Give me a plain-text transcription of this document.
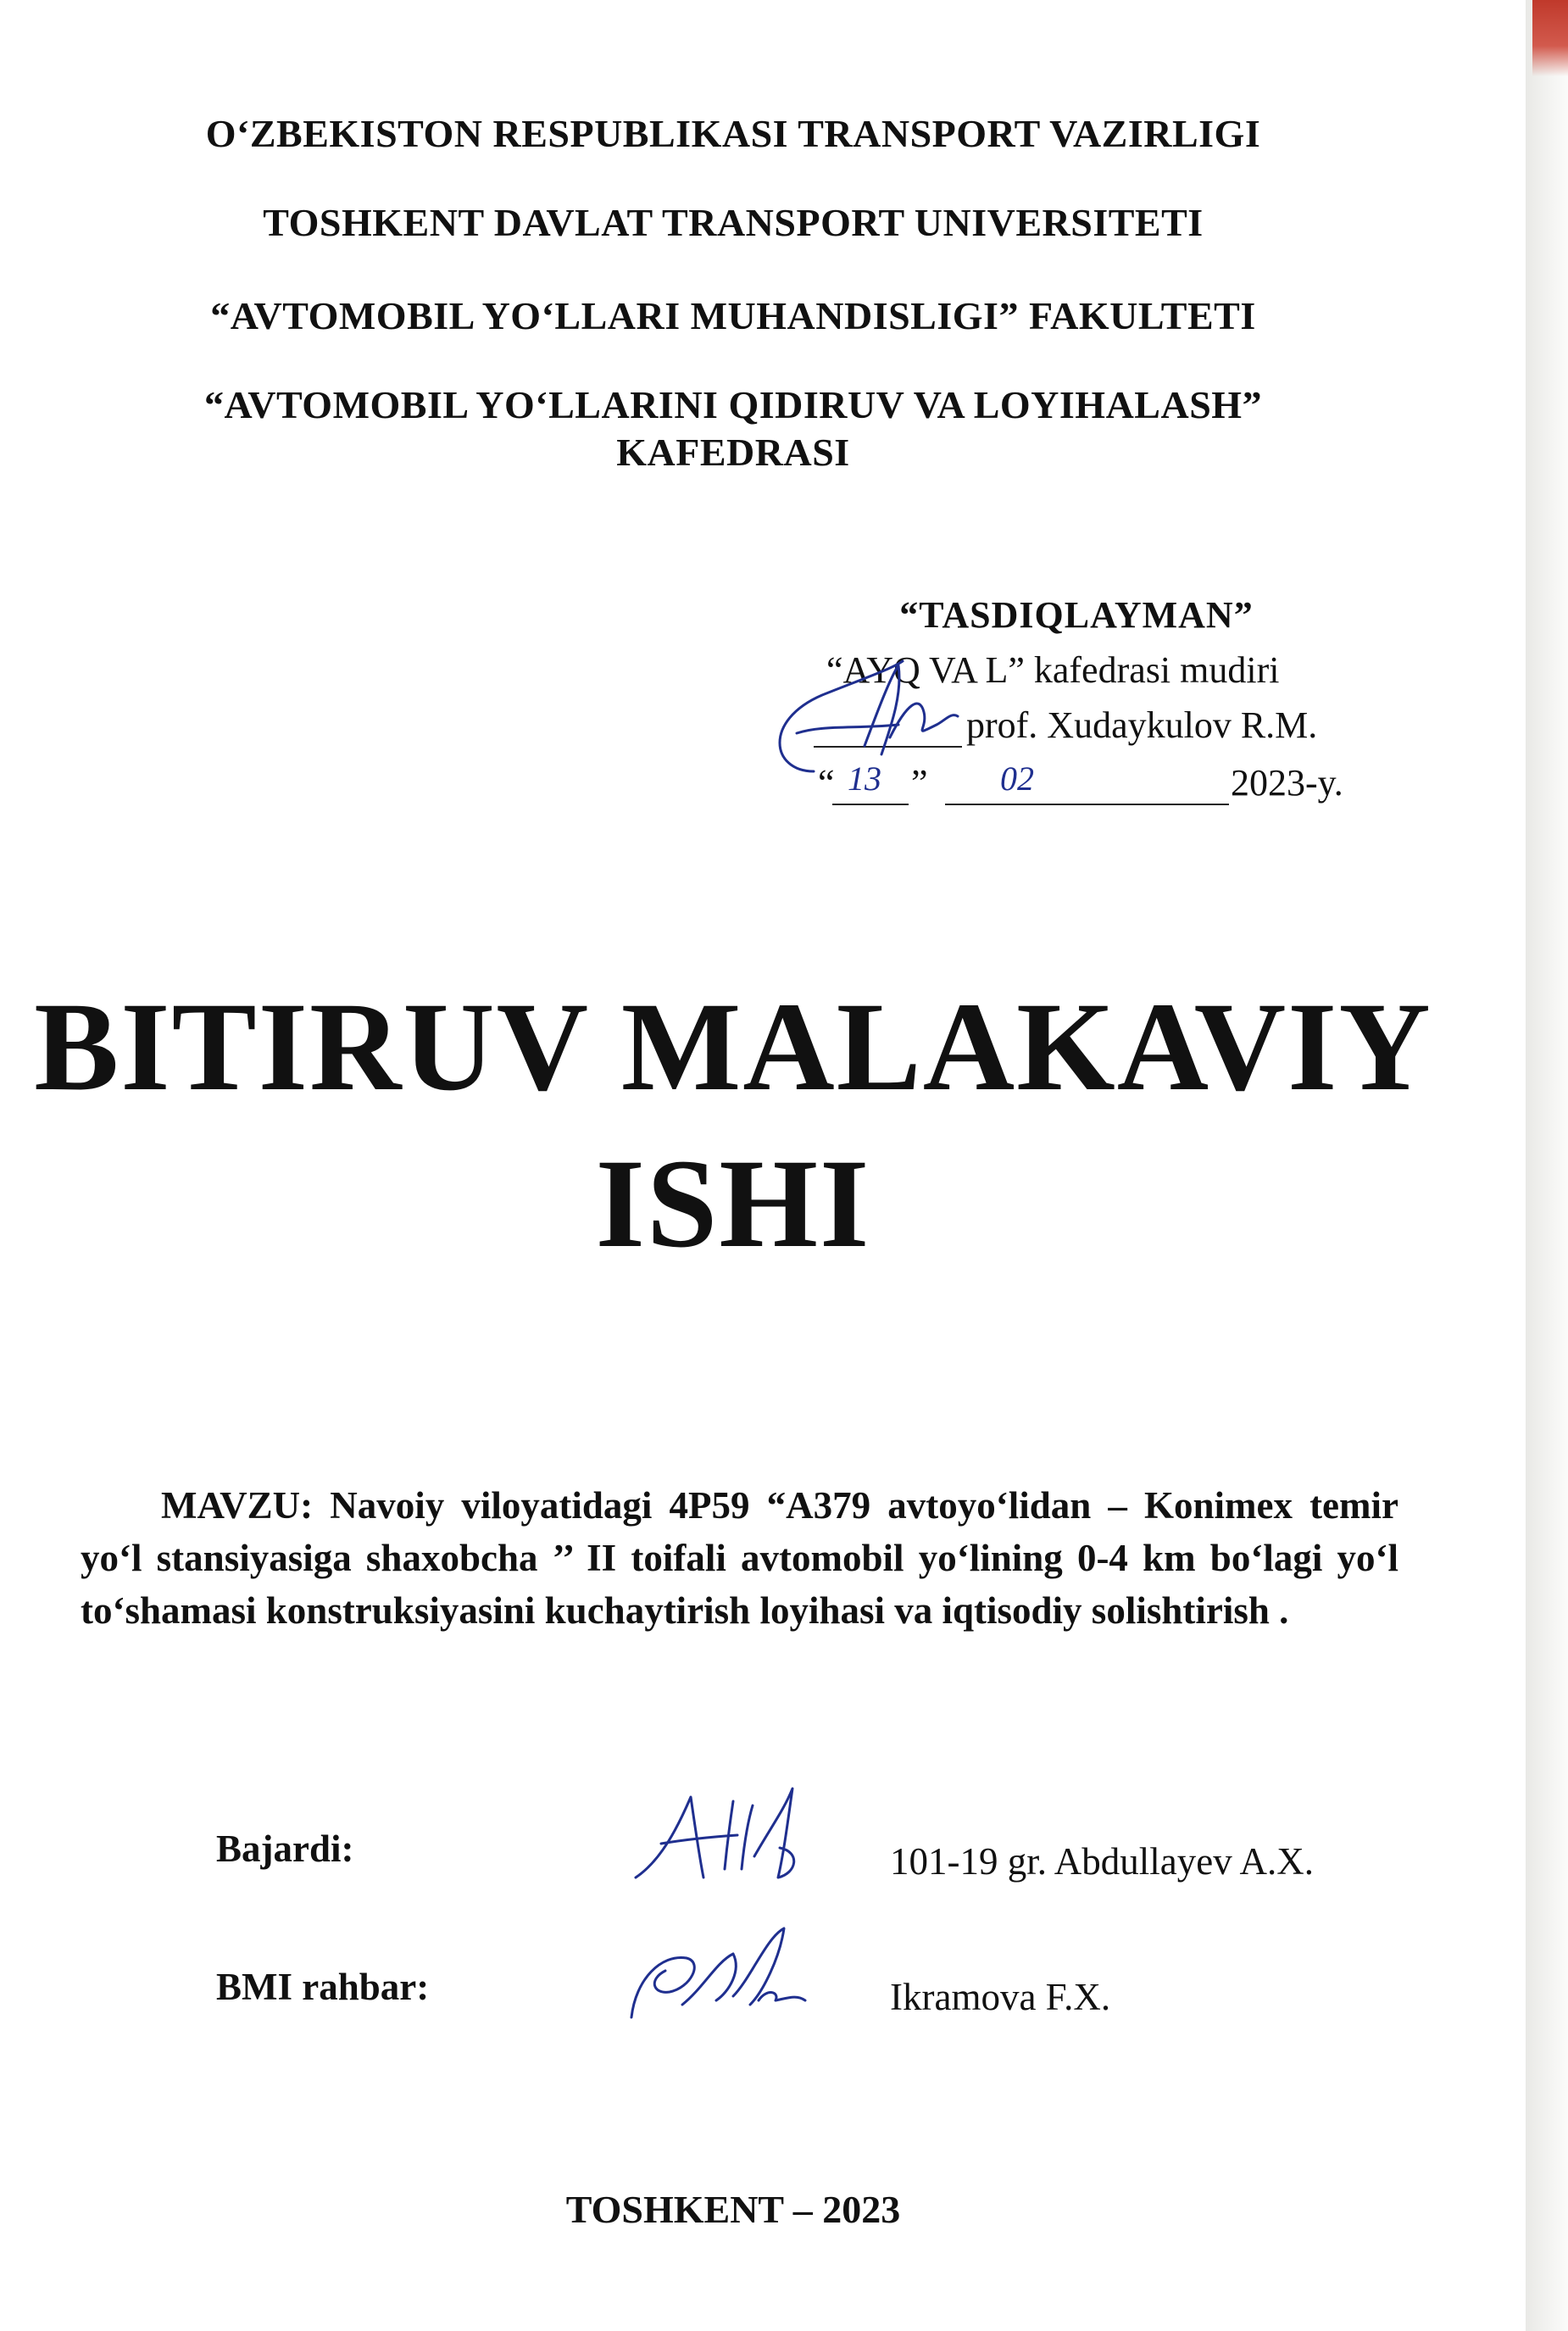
O‘ZBEKISTON RESPUBLIKASI TRANSPORT VAZIRLIGI
TOSHKENT DAVLAT TRANSPORT UNIVERSITETI
“AVTOMOBIL YO‘LLARI MUHANDISLIGI” FAKULTETI
“AVTOMOBIL YO‘LLARINI QIDIRUV VA LOYIHALASH”
KAFEDRASI
“TASDIQLAYMAN”
“AYQ VA L” kafedrasi mudiri
prof. Xudaykulov R.M.
“ 13 ” 02	2023-y.
BITIRUV MALAKAVIY
ISHI
MAVZU: Navoiy viloyatidagi 4P59 “A379 avtoyo‘lidan – Konimex temir yo‘l stansiyasiga shaxobcha ’’ II toifali avtomobil yo‘lining 0-4 km bo‘lagi yo‘l to‘shamasi konstruksiyasini kuchaytirish loyihasi va iqtisodiy solishtirish .
Bajardi:	101-19 gr. Abdullayev A.X.
BMI rahbar:	Ikramova F.X.
TOSHKENT – 2023
